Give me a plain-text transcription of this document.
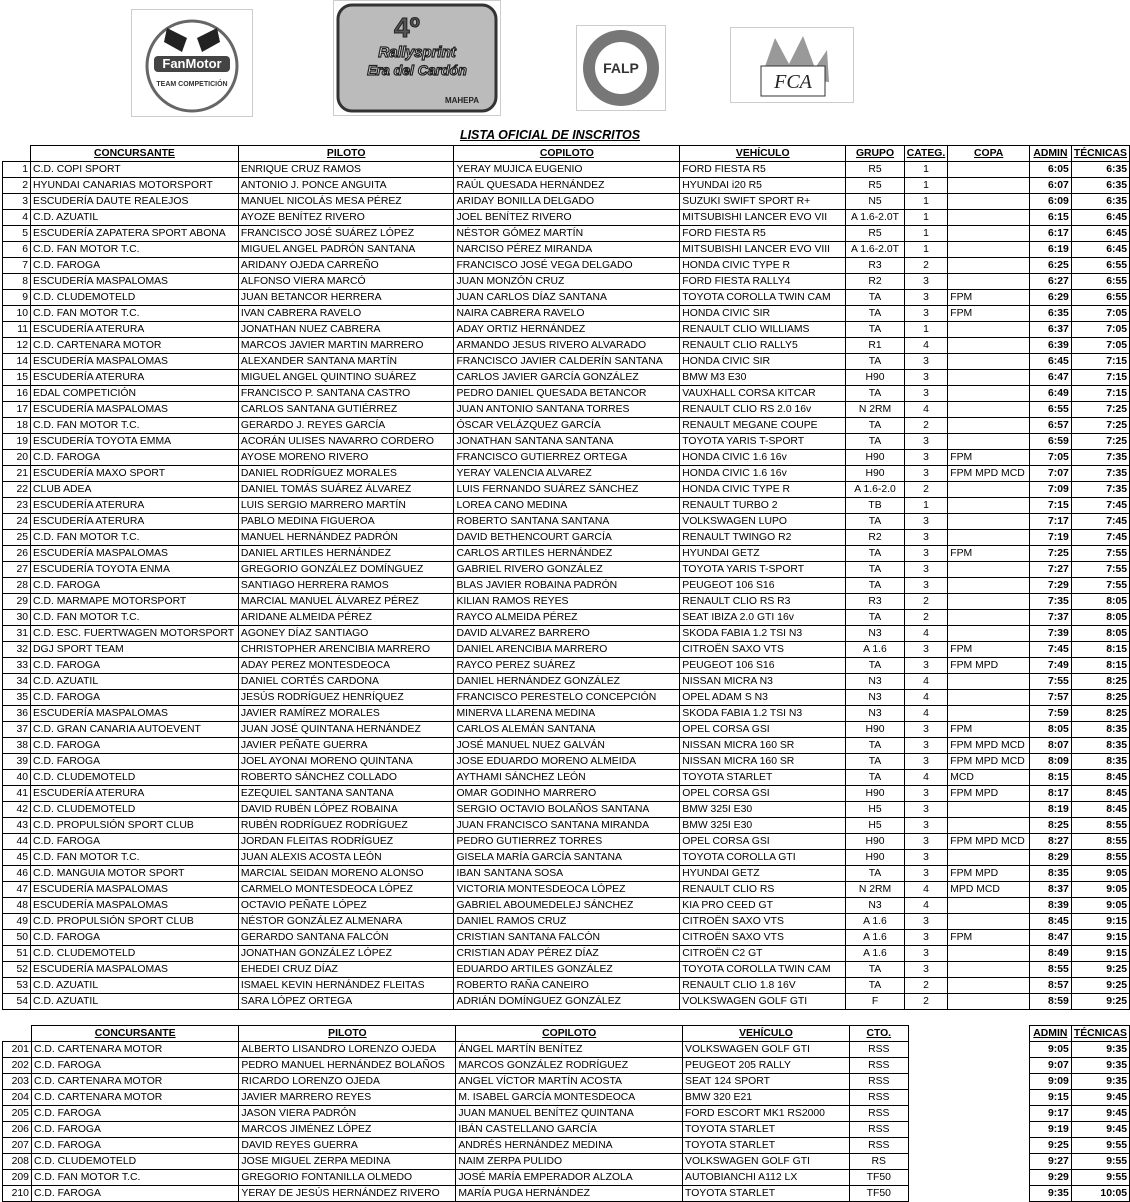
FanMotor
TEAM COMPETICIÓN
4º
Rallysprint
Era del Cardón
MAHEPA
FALP
FCA
LISTA OFICIAL DE INSCRITOS
	CONCURSANTE	PILOTO	COPILOTO	VEHÍCULO	GRUPO	CATEG.	COPA	ADMIN	TÉCNICAS
1	C.D. COPI SPORT	ENRIQUE CRUZ RAMOS	YERAY MUJICA EUGENIO	FORD FIESTA R5	R5	1		6:05	6:35
2	HYUNDAI CANARIAS MOTORSPORT	ANTONIO J. PONCE ANGUITA	RAÚL QUESADA HERNÁNDEZ	HYUNDAI i20 R5	R5	1		6:07	6:35
3	ESCUDERÍA DAUTE REALEJOS	MANUEL NICOLÁS MESA PÉREZ	ARIDAY BONILLA DELGADO	SUZUKI SWIFT SPORT R+	N5	1		6:09	6:35
4	C.D. AZUATIL	AYOZE BENÍTEZ RIVERO	JOEL BENÍTEZ RIVERO	MITSUBISHI LANCER EVO VII	A 1.6-2.0T	1		6:15	6:45
5	ESCUDERÍA ZAPATERA SPORT ABONA	FRANCISCO JOSÉ SUÁREZ LÓPEZ	NÉSTOR GÓMEZ MARTÍN	FORD FIESTA R5	R5	1		6:17	6:45
6	C.D. FAN MOTOR T.C.	MIGUEL ANGEL PADRÓN SANTANA	NARCISO PÉREZ MIRANDA	MITSUBISHI LANCER EVO VIII	A 1.6-2.0T	1		6:19	6:45
7	C.D. FAROGA	ARIDANY OJEDA CARREÑO	FRANCISCO JOSÉ VEGA DELGADO	HONDA CIVIC TYPE R	R3	2		6:25	6:55
8	ESCUDERÍA MASPALOMAS	ALFONSO VIERA MARCÓ	JUAN MONZÓN CRUZ	FORD FIESTA RALLY4	R2	3		6:27	6:55
9	C.D. CLUDEMOTELD	JUAN BETANCOR HERRERA	JUAN CARLOS DÍAZ SANTANA	TOYOTA COROLLA TWIN CAM	TA	3	FPM	6:29	6:55
10	C.D. FAN MOTOR T.C.	IVAN CABRERA RAVELO	NAIRA CABRERA RAVELO	HONDA CIVIC SIR	TA	3	FPM	6:35	7:05
11	ESCUDERÍA ATERURA	JONATHAN NUEZ CABRERA	ADAY ORTIZ HERNÁNDEZ	RENAULT CLIO WILLIAMS	TA	1		6:37	7:05
12	C.D. CARTENARA MOTOR	MARCOS JAVIER MARTIN MARRERO	ARMANDO JESUS RIVERO ALVARADO	RENAULT CLIO RALLY5	R1	4		6:39	7:05
14	ESCUDERÍA MASPALOMAS	ALEXANDER SANTANA MARTÍN	FRANCISCO JAVIER CALDERÍN SANTANA	HONDA CIVIC SIR	TA	3		6:45	7:15
15	ESCUDERÍA ATERURA	MIGUEL ANGEL QUINTINO SUÁREZ	CARLOS JAVIER GARCÍA GONZÁLEZ	BMW M3 E30	H90	3		6:47	7:15
16	EDAL COMPETICIÓN	FRANCISCO P. SANTANA CASTRO	PEDRO DANIEL QUESADA BETANCOR	VAUXHALL CORSA KITCAR	TA	3		6:49	7:15
17	ESCUDERÍA MASPALOMAS	CARLOS SANTANA GUTIÉRREZ	JUAN ANTONIO SANTANA TORRES	RENAULT CLIO RS 2.0 16v	N 2RM	4		6:55	7:25
18	C.D. FAN MOTOR T.C.	GERARDO J. REYES GARCÍA	ÓSCAR VELÁZQUEZ GARCÍA	RENAULT MEGANE COUPE	TA	2		6:57	7:25
19	ESCUDERÍA TOYOTA EMMA	ACORÁN ULISES NAVARRO CORDERO	JONATHAN SANTANA SANTANA	TOYOTA YARIS T-SPORT	TA	3		6:59	7:25
20	C.D. FAROGA	AYOSE MORENO RIVERO	FRANCISCO GUTIERREZ ORTEGA	HONDA CIVIC 1.6 16v	H90	3	FPM	7:05	7:35
21	ESCUDERÍA MAXO SPORT	DANIEL RODRÍGUEZ MORALES	YERAY VALENCIA ALVAREZ	HONDA CIVIC 1.6 16v	H90	3	FPM MPD MCD	7:07	7:35
22	CLUB ADEA	DANIEL TOMÁS SUÁREZ ÁLVAREZ	LUIS FERNANDO SUÁREZ SÁNCHEZ	HONDA CIVIC TYPE R	A 1.6-2.0	2		7:09	7:35
23	ESCUDERÍA ATERURA	LUIS SERGIO MARRERO MARTÍN	LOREA CANO MEDINA	RENAULT TURBO 2	TB	1		7:15	7:45
24	ESCUDERÍA ATERURA	PABLO MEDINA FIGUEROA	ROBERTO SANTANA SANTANA	VOLKSWAGEN LUPO	TA	3		7:17	7:45
25	C.D. FAN MOTOR T.C.	MANUEL HERNÁNDEZ PADRÓN	DAVID BETHENCOURT GARCÍA	RENAULT TWINGO R2	R2	3		7:19	7:45
26	ESCUDERÍA MASPALOMAS	DANIEL ARTILES HERNÁNDEZ	CARLOS ARTILES HERNÁNDEZ	HYUNDAI GETZ	TA	3	FPM	7:25	7:55
27	ESCUDERÍA TOYOTA ENMA	GREGORIO GONZÁLEZ DOMÍNGUEZ	GABRIEL RIVERO GONZÁLEZ	TOYOTA YARIS T-SPORT	TA	3		7:27	7:55
28	C.D. FAROGA	SANTIAGO HERRERA RAMOS	BLAS JAVIER ROBAINA PADRÓN	PEUGEOT 106 S16	TA	3		7:29	7:55
29	C.D. MARMAPE MOTORSPORT	MARCIAL MANUEL ÁLVAREZ PÉREZ	KILIAN RAMOS REYES	RENAULT CLIO RS R3	R3	2		7:35	8:05
30	C.D. FAN MOTOR T.C.	ARIDANE ALMEIDA PÉREZ	RAYCO ALMEIDA PÉREZ	SEAT IBIZA 2.0 GTI 16v	TA	2		7:37	8:05
31	C.D. ESC. FUERTWAGEN MOTORSPORT	AGONEY DÍAZ SANTIAGO	DAVID ALVAREZ BARRERO	SKODA FABIA 1.2 TSI N3	N3	4		7:39	8:05
32	DGJ SPORT TEAM	CHRISTOPHER ARENCIBIA MARRERO	DANIEL ARENCIBIA MARRERO	CITROËN SAXO VTS	A 1.6	3	FPM	7:45	8:15
33	C.D. FAROGA	ADAY PEREZ MONTESDEOCA	RAYCO PEREZ SUÁREZ	PEUGEOT 106 S16	TA	3	FPM MPD	7:49	8:15
34	C.D. AZUATIL	DANIEL CORTÉS CARDONA	DANIEL HERNÁNDEZ GONZÁLEZ	NISSAN MICRA N3	N3	4		7:55	8:25
35	C.D. FAROGA	JESÚS RODRÍGUEZ HENRÍQUEZ	FRANCISCO PERESTELO CONCEPCIÓN	OPEL ADAM S N3	N3	4		7:57	8:25
36	ESCUDERÍA MASPALOMAS	JAVIER RAMÍREZ MORALES	MINERVA LLARENA MEDINA	SKODA FABIA 1.2 TSI N3	N3	4		7:59	8:25
37	C.D. GRAN CANARIA AUTOEVENT	JUAN JOSÉ QUINTANA HERNÁNDEZ	CARLOS ALEMÁN SANTANA	OPEL CORSA GSI	H90	3	FPM	8:05	8:35
38	C.D. FAROGA	JAVIER PEÑATE GUERRA	JOSÉ MANUEL NUEZ GALVÁN	NISSAN MICRA 160 SR	TA	3	FPM MPD MCD	8:07	8:35
39	C.D. FAROGA	JOEL AYONAI MORENO QUINTANA	JOSE EDUARDO MORENO ALMEIDA	NISSAN MICRA 160 SR	TA	3	FPM MPD MCD	8:09	8:35
40	C.D. CLUDEMOTELD	ROBERTO SÁNCHEZ COLLADO	AYTHAMI SÁNCHEZ LEÓN	TOYOTA STARLET	TA	4	MCD	8:15	8:45
41	ESCUDERÍA ATERURA	EZEQUIEL SANTANA SANTANA	OMAR GODINHO MARRERO	OPEL CORSA GSI	H90	3	FPM MPD	8:17	8:45
42	C.D. CLUDEMOTELD	DAVID RUBÉN LÓPEZ ROBAINA	SERGIO OCTAVIO BOLAÑOS SANTANA	BMW 325I E30	H5	3		8:19	8:45
43	C.D. PROPULSIÓN SPORT CLUB	RUBÉN RODRÍGUEZ RODRÍGUEZ	JUAN FRANCISCO SANTANA MIRANDA	BMW 325I E30	H5	3		8:25	8:55
44	C.D. FAROGA	JORDAN FLEITAS RODRÍGUEZ	PEDRO GUTIERREZ TORRES	OPEL CORSA GSI	H90	3	FPM MPD MCD	8:27	8:55
45	C.D. FAN MOTOR T.C.	JUAN ALEXIS ACOSTA LEÓN	GISELA MARÍA GARCÍA SANTANA	TOYOTA COROLLA GTI	H90	3		8:29	8:55
46	C.D. MANGUIA MOTOR SPORT	MARCIAL SEIDAN MORENO ALONSO	IBAN SANTANA SOSA	HYUNDAI GETZ	TA	3	FPM MPD	8:35	9:05
47	ESCUDERÍA MASPALOMAS	CARMELO MONTESDEOCA LÓPEZ	VICTORIA MONTESDEOCA LÓPEZ	RENAULT CLIO RS	N 2RM	4	MPD MCD	8:37	9:05
48	ESCUDERÍA MASPALOMAS	OCTAVIO PEÑATE LÓPEZ	GABRIEL ABOUMEDELEJ SÁNCHEZ	KIA PRO CEED GT	N3	4		8:39	9:05
49	C.D. PROPULSIÓN SPORT CLUB	NÉSTOR GONZÁLEZ ALMENARA	DANIEL RAMOS CRUZ	CITROËN SAXO VTS	A 1.6	3		8:45	9:15
50	C.D. FAROGA	GERARDO SANTANA FALCÓN	CRISTIAN SANTANA FALCÓN	CITROËN SAXO VTS	A 1.6	3	FPM	8:47	9:15
51	C.D. CLUDEMOTELD	JONATHAN GONZÁLEZ LÓPEZ	CRISTIAN ADAY PÉREZ DÍAZ	CITROËN C2 GT	A 1.6	3		8:49	9:15
52	ESCUDERÍA MASPALOMAS	EHEDEI CRUZ DÍAZ	EDUARDO ARTILES GONZÁLEZ	TOYOTA COROLLA TWIN CAM	TA	3		8:55	9:25
53	C.D. AZUATIL	ISMAEL KEVIN HERNÁNDEZ FLEITAS	ROBERTO RAÑA CANEIRO	RENAULT CLIO 1.8 16V	TA	2		8:57	9:25
54	C.D. AZUATIL	SARA LÓPEZ ORTEGA	ADRIÁN DOMÍNGUEZ GONZÁLEZ	VOLKSWAGEN GOLF GTI	F	2		8:59	9:25
	CONCURSANTE	PILOTO	COPILOTO	VEHÍCULO	CTO.		ADMIN	TÉCNICAS
201	C.D. CARTENARA MOTOR	ALBERTO LISANDRO LORENZO OJEDA	ÁNGEL MARTÍN BENÍTEZ	VOLKSWAGEN GOLF GTI	RSS		9:05	9:35
202	C.D. FAROGA	PEDRO MANUEL HERNÁNDEZ BOLAÑOS	MARCOS GONZÁLEZ RODRÍGUEZ	PEUGEOT 205 RALLY	RSS		9:07	9:35
203	C.D. CARTENARA MOTOR	RICARDO LORENZO OJEDA	ANGEL VÍCTOR MARTÍN ACOSTA	SEAT 124 SPORT	RSS		9:09	9:35
204	C.D. CARTENARA MOTOR	JAVIER MARRERO REYES	M. ISABEL GARCÍA MONTESDEOCA	BMW 320 E21	RSS		9:15	9:45
205	C.D. FAROGA	JASON VIERA PADRÓN	JUAN MANUEL BENÍTEZ QUINTANA	FORD ESCORT MK1 RS2000	RSS		9:17	9:45
206	C.D. FAROGA	MARCOS JIMÉNEZ LÓPEZ	IBÁN CASTELLANO GARCÍA	TOYOTA STARLET	RSS		9:19	9:45
207	C.D. FAROGA	DAVID REYES GUERRA	ANDRÉS HERNÁNDEZ MEDINA	TOYOTA STARLET	RSS		9:25	9:55
208	C.D. CLUDEMOTELD	JOSE MIGUEL ZERPA MEDINA	NAIM ZERPA PULIDO	VOLKSWAGEN GOLF GTI	RS		9:27	9:55
209	C.D. FAN MOTOR T.C.	GREGORIO FONTANILLA OLMEDO	JOSÉ MARÍA EMPERADOR ALZOLA	AUTOBIANCHI A112 LX	TF50		9:29	9:55
210	C.D. FAROGA	YERAY DE JESÚS HERNÁNDEZ RIVERO	MARÍA PUGA HERNÁNDEZ	TOYOTA STARLET	TF50		9:35	10:05
